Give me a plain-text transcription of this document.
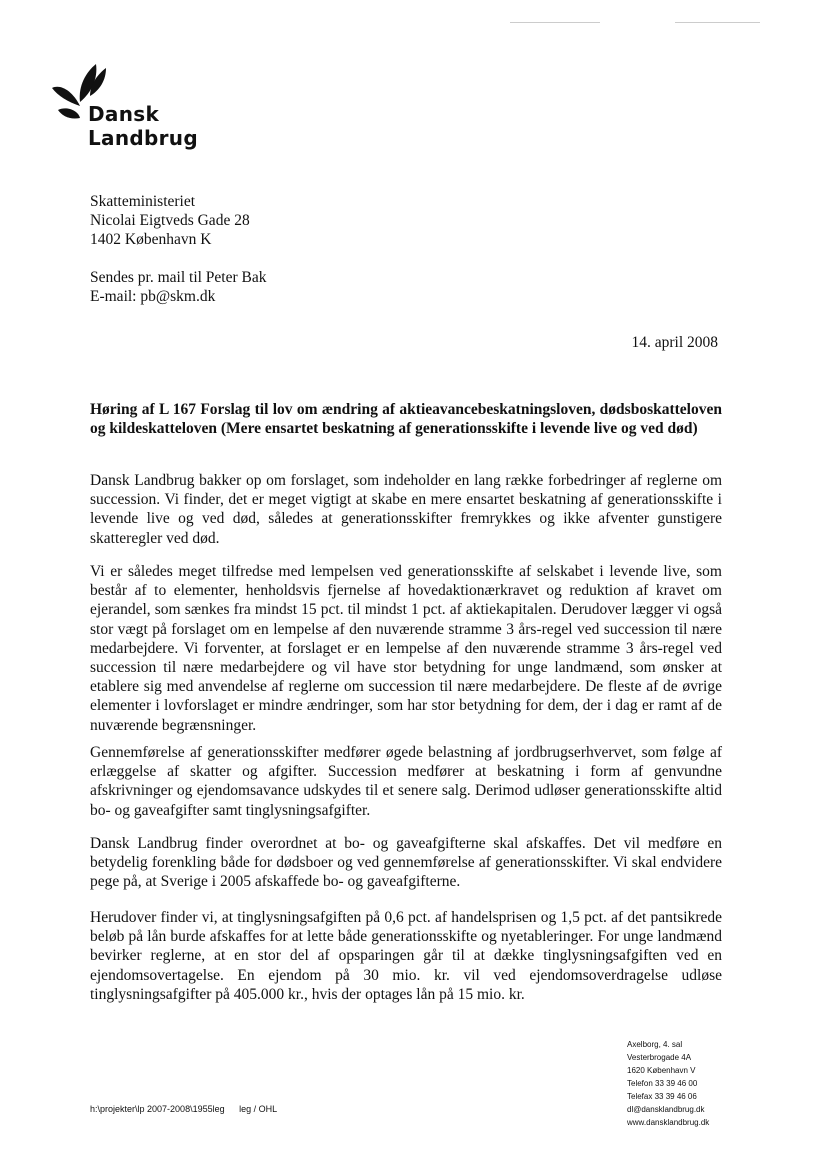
Dansk Landbrug
Skatteministeriet
Nicolai Eigtveds Gade 28
1402 København K
Sendes pr. mail til Peter Bak
E-mail: pb@skm.dk
14. april 2008
Høring af L 167 Forslag til lov om ændring af aktieavancebeskatningsloven, dødsboskatteloven og kildeskatteloven (Mere ensartet beskatning af generationsskifte i levende live og ved død)

Dansk Landbrug bakker op om forslaget, som indeholder en lang række forbedringer af reglerne om succession. Vi finder, det er meget vigtigt at skabe en mere ensartet beskatning af generationsskifte i levende live og ved død, således at generationsskifter fremrykkes og ikke afventer gunstigere skatteregler ved død.

Vi er således meget tilfredse med lempelsen ved generationsskifte af selskabet i levende live, som består af to elementer, henholdsvis fjernelse af hovedaktionærkravet og reduktion af kravet om ejerandel, som sænkes fra mindst 15 pct. til mindst 1 pct. af aktiekapitalen. Derudover lægger vi også stor vægt på forslaget om en lempelse af den nuværende stramme 3 års-regel ved succession til nære medarbejdere. Vi forventer, at forslaget er en lempelse af den nuværende stramme 3 års-regel ved succession til nære medarbejdere og vil have stor betydning for unge landmænd, som ønsker at etablere sig med anvendelse af reglerne om succession til nære medarbejdere. De fleste af de øvrige elementer i lovforslaget er mindre ændringer, som har stor betydning for dem, der i dag er ramt af de nuværende begrænsninger.

Gennemførelse af generationsskifter medfører øgede belastning af jordbrugserhvervet, som følge af erlæggelse af skatter og afgifter. Succession medfører at beskatning i form af genvundne afskrivninger og ejendomsavance udskydes til et senere salg. Derimod udløser generationsskifte altid bo- og gaveafgifter samt tinglysningsafgifter.

Dansk Landbrug finder overordnet at bo- og gaveafgifterne skal afskaffes. Det vil medføre en betydelig forenkling både for dødsboer og ved gennemførelse af generationsskifter. Vi skal endvidere pege på, at Sverige i 2005 afskaffede bo- og gaveafgifterne.

Herudover finder vi, at tinglysningsafgiften på 0,6 pct. af handelsprisen og 1,5 pct. af det pantsikrede beløb på lån burde afskaffes for at lette både generationsskifte og nyetableringer. For unge landmænd bevirker reglerne, at en stor del af opsparingen går til at dække tinglysningsafgiften ved en ejendomsovertagelse. En ejendom på 30 mio. kr. vil ved ejendomsoverdragelse udløse tinglysningsafgifter på 405.000 kr., hvis der optages lån på 15 mio. kr.

h:\projekter\lp 2007-2008\1955leg leg / OHL
Axelborg, 4. sal
Vesterbrogade 4A
1620 København V
Telefon 33 39 46 00
Telefax 33 39 46 06
dl@dansklandbrug.dk
www.dansklandbrug.dk
